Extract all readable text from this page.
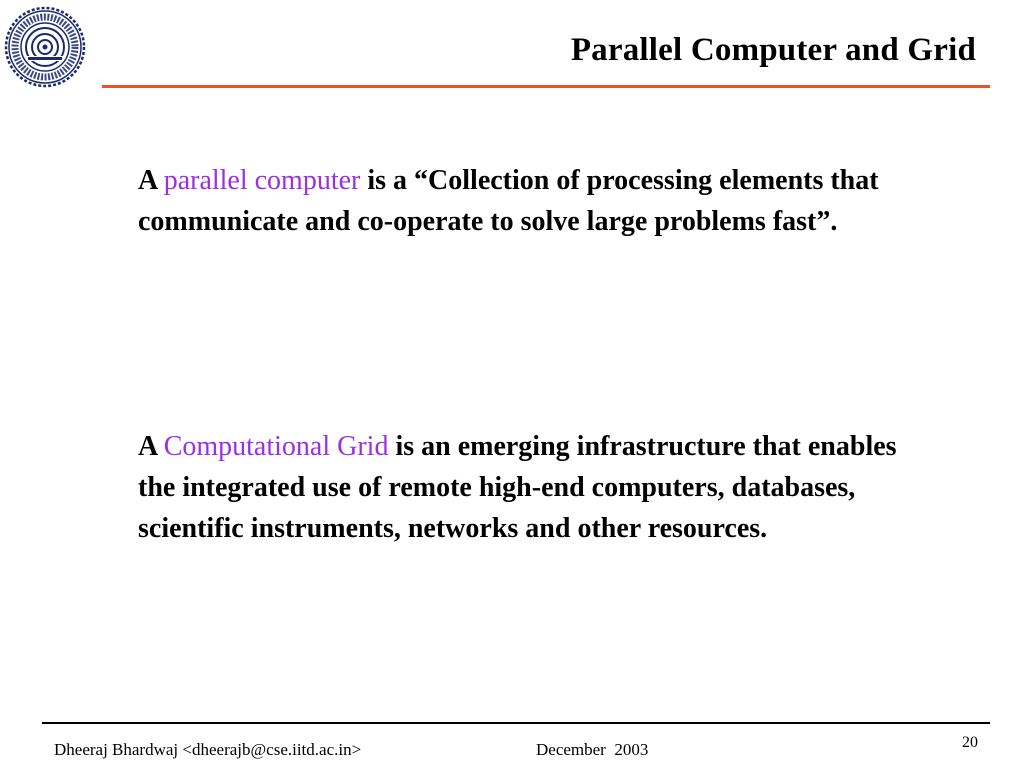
Parallel Computer and Grid
A parallel computer is a “Collection of processing elements that communicate and co-operate to solve large problems fast”.
A Computational Grid is an emerging infrastructure that enables the integrated use of remote high-end computers, databases, scientific instruments, networks and other resources.
Dheeraj Bhardwaj <dheerajb@cse.iitd.ac.in>	December  2003	20
